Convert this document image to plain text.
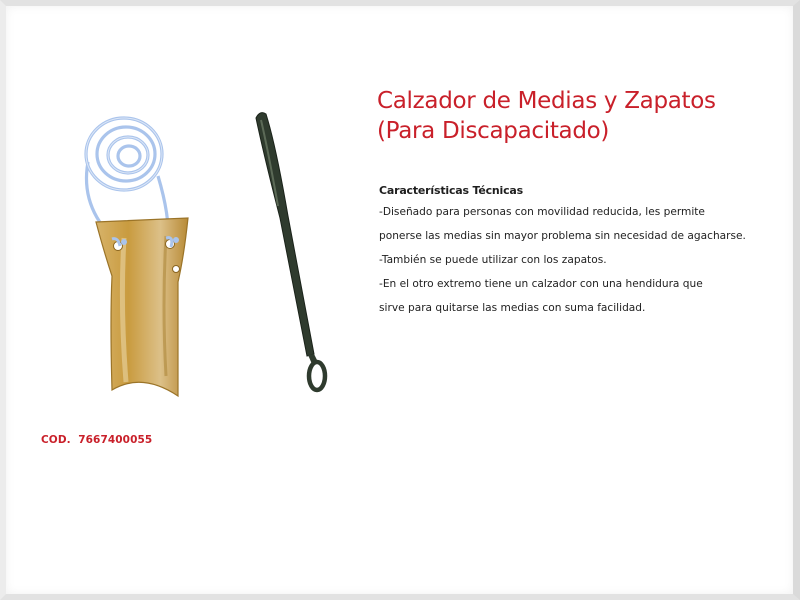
Calzador de Medias y Zapatos
(Para Discapacitado)

Características Técnicas

-Diseñado para personas con movilidad reducida, les permite

ponerse las medias sin mayor problema sin necesidad de agacharse.

-También se puede utilizar con los zapatos.

-En el otro extremo tiene un calzador con una hendidura que

sirve para quitarse las medias con suma facilidad.

COD.  7667400055
